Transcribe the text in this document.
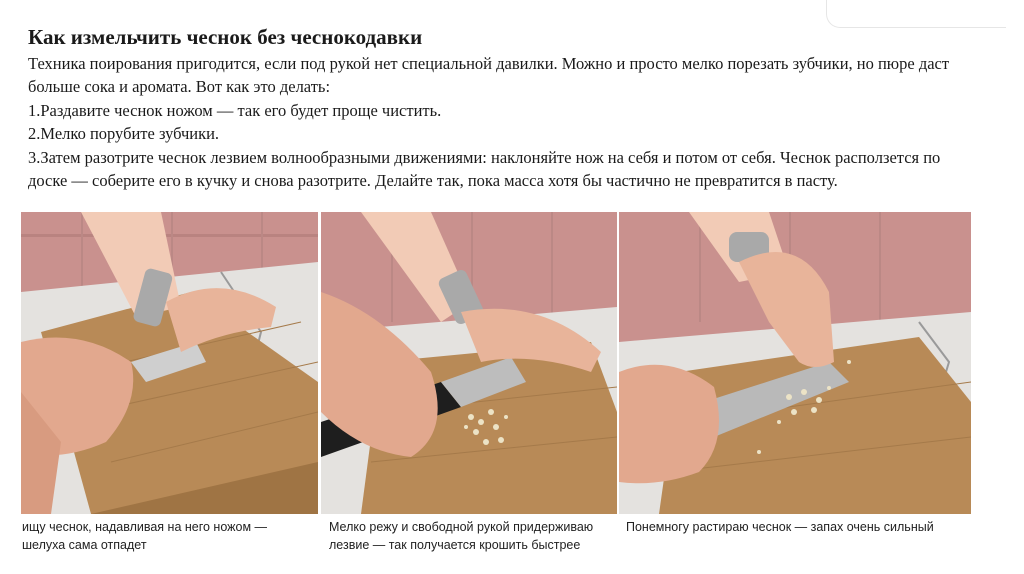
Как измельчить чеснок без чеснокодавки

Техника поирования пригодится, если под рукой нет специальной давилки. Можно и просто мелко порезать зубчики, но пюре даст больше сока и аромата. Вот как это делать:

1.Раздавите чеснок ножом — так его будет проще чистить.

2.Мелко порубите зубчики.

3.Затем разотрите чеснок лезвием волнообразными движениями: наклоняйте нож на себя и потом от себя. Чеснок расползется по доске — соберите его в кучку и снова разотрите. Делайте так, пока масса хотя бы частично не превратится в пасту.

ищу чеснок, надавливая на него ножом — шелуха сама отпадет
Мелко режу и свободной рукой придерживаю лезвие — так получается крошить быстрее
Понемногу растираю чеснок — запах очень сильный
